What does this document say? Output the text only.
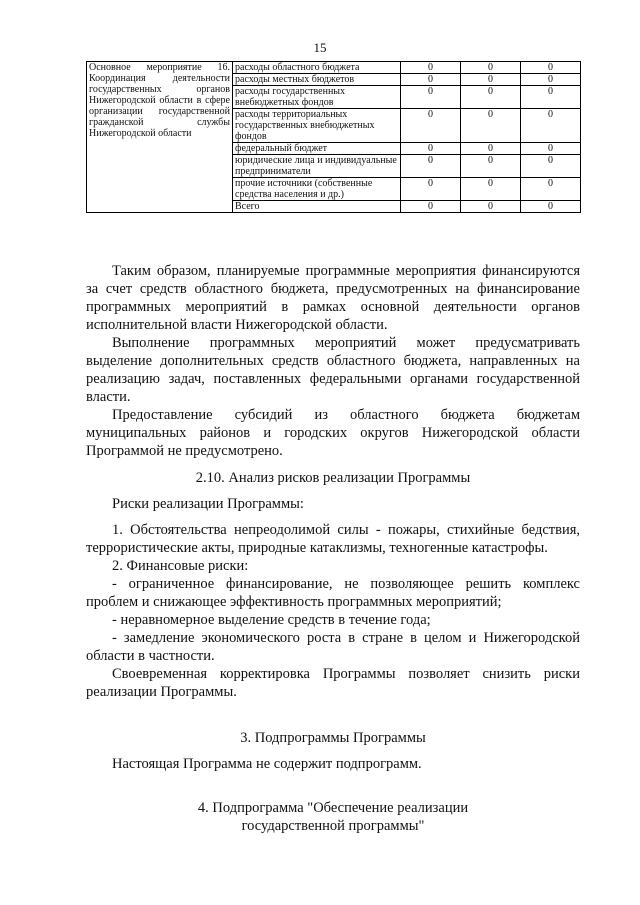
15
Основное мероприятие 16. Координация деятельности государственных органов Нижегородской области в сфере организации государственной гражданской службы Нижегородской области	расходы областного бюджета	0	0	0
	расходы местных бюджетов	0	0	0
	расходы государственных внебюджетных фондов	0	0	0
	расходы территориальных государственных внебюджетных фондов	0	0	0
	федеральный бюджет	0	0	0
	юридические лица и индивидуальные предприниматели	0	0	0
	прочие источники (собственные средства населения и др.)	0	0	0
	Всего	0	0	0

Таким образом, планируемые программные мероприятия финансируются за счет средств областного бюджета, предусмотренных на финансирование программных мероприятий в рамках основной деятельности органов исполнительной власти Нижегородской области.

Выполнение программных мероприятий может предусматривать выделение дополнительных средств областного бюджета, направленных на реализацию задач, поставленных федеральными органами государственной власти.

Предоставление субсидий из областного бюджета бюджетам муниципальных районов и городских округов Нижегородской области Программой не предусмотрено.

2.10. Анализ рисков реализации Программы

Риски реализации Программы:

1. Обстоятельства непреодолимой силы - пожары, стихийные бедствия, террористические акты, природные катаклизмы, техногенные катастрофы.

2. Финансовые риски:

- ограниченное финансирование, не позволяющее решить комплекс проблем и снижающее эффективность программных мероприятий;

- неравномерное выделение средств в течение года;

- замедление экономического роста в стране в целом и Нижегородской области в частности.

Своевременная корректировка Программы позволяет снизить риски реализации Программы.

3. Подпрограммы Программы

Настоящая Программа не содержит подпрограмм.

4. Подпрограмма "Обеспечение реализации
государственной программы"
